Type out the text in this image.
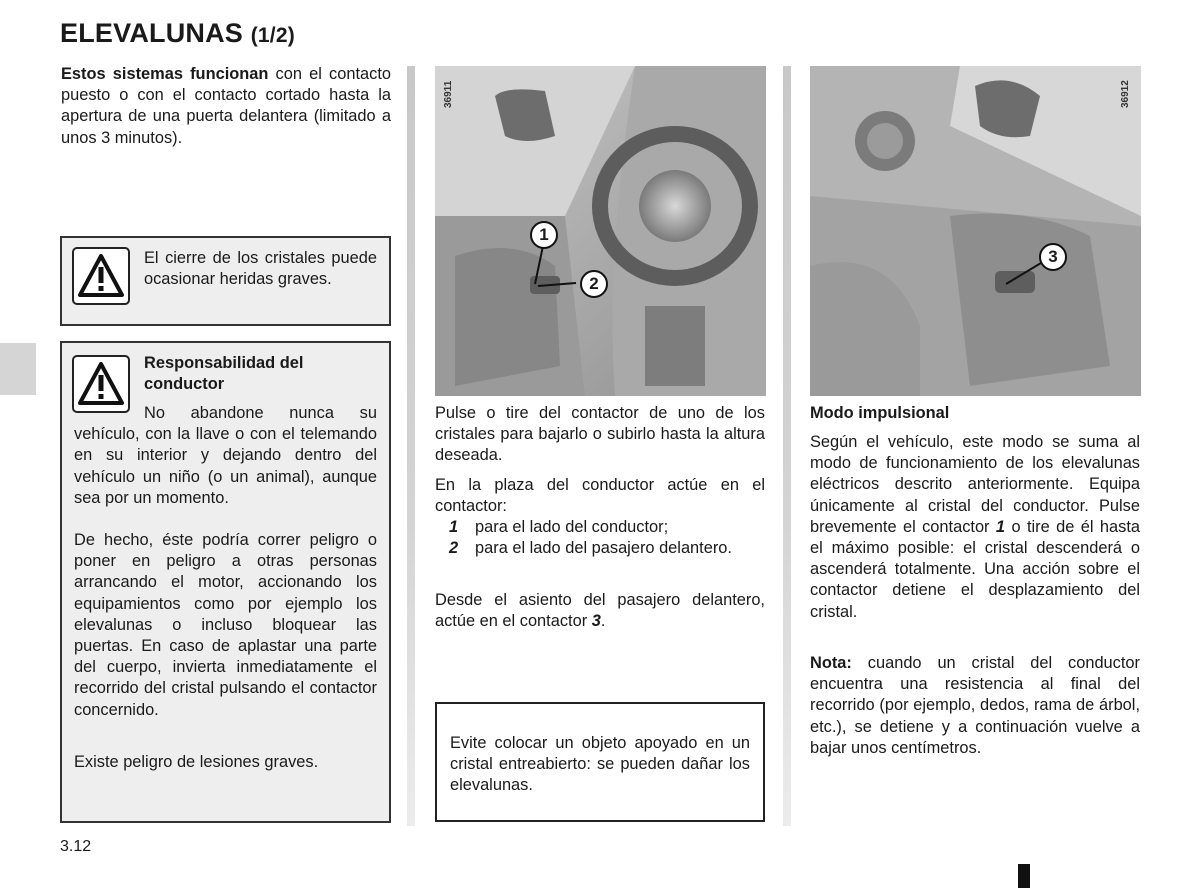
ELEVALUNAS (1/2)
Estos sistemas funcionan con el contacto puesto o con el contacto cortado hasta la apertura de una puerta delantera (limitado a unos 3 minutos).
El cierre de los cristales puede ocasionar heridas graves.
Responsabilidad del conductor
No abandone nunca su vehículo, con la llave o con el telemando en su interior y dejando dentro del vehículo un niño (o un animal), aunque sea por un momento.
De hecho, éste podría correr peligro o poner en peligro a otras personas arrancando el motor, accionando los equipamientos como por ejemplo los elevalunas o incluso bloquear las puertas. En caso de aplastar una parte del cuerpo, invierta inmediatamente el recorrido del cristal pulsando el contactor concernido.
Existe peligro de lesiones graves.
36911
1
2
36912
3
Pulse o tire del contactor de uno de los cristales para bajarlo o subirlo hasta la altura deseada.
En la plaza del conductor actúe en el contactor:
1 para el lado del conductor;
2 para el lado del pasajero delantero.
Desde el asiento del pasajero delantero, actúe en el contactor 3.
Evite colocar un objeto apoyado en un cristal entreabierto: se pueden dañar los elevalunas.
Modo impulsional
Según el vehículo, este modo se suma al modo de funcionamiento de los elevalunas eléctricos descrito anteriormente. Equipa únicamente al cristal del conductor. Pulse brevemente el contactor 1 o tire de él hasta el máximo posible: el cristal descenderá o ascenderá totalmente. Una acción sobre el contactor detiene el desplazamiento del cristal.
Nota: cuando un cristal del conductor encuentra una resistencia al final del recorrido (por ejemplo, dedos, rama de árbol, etc.), se detiene y a continuación vuelve a bajar unos centímetros.
3.12
